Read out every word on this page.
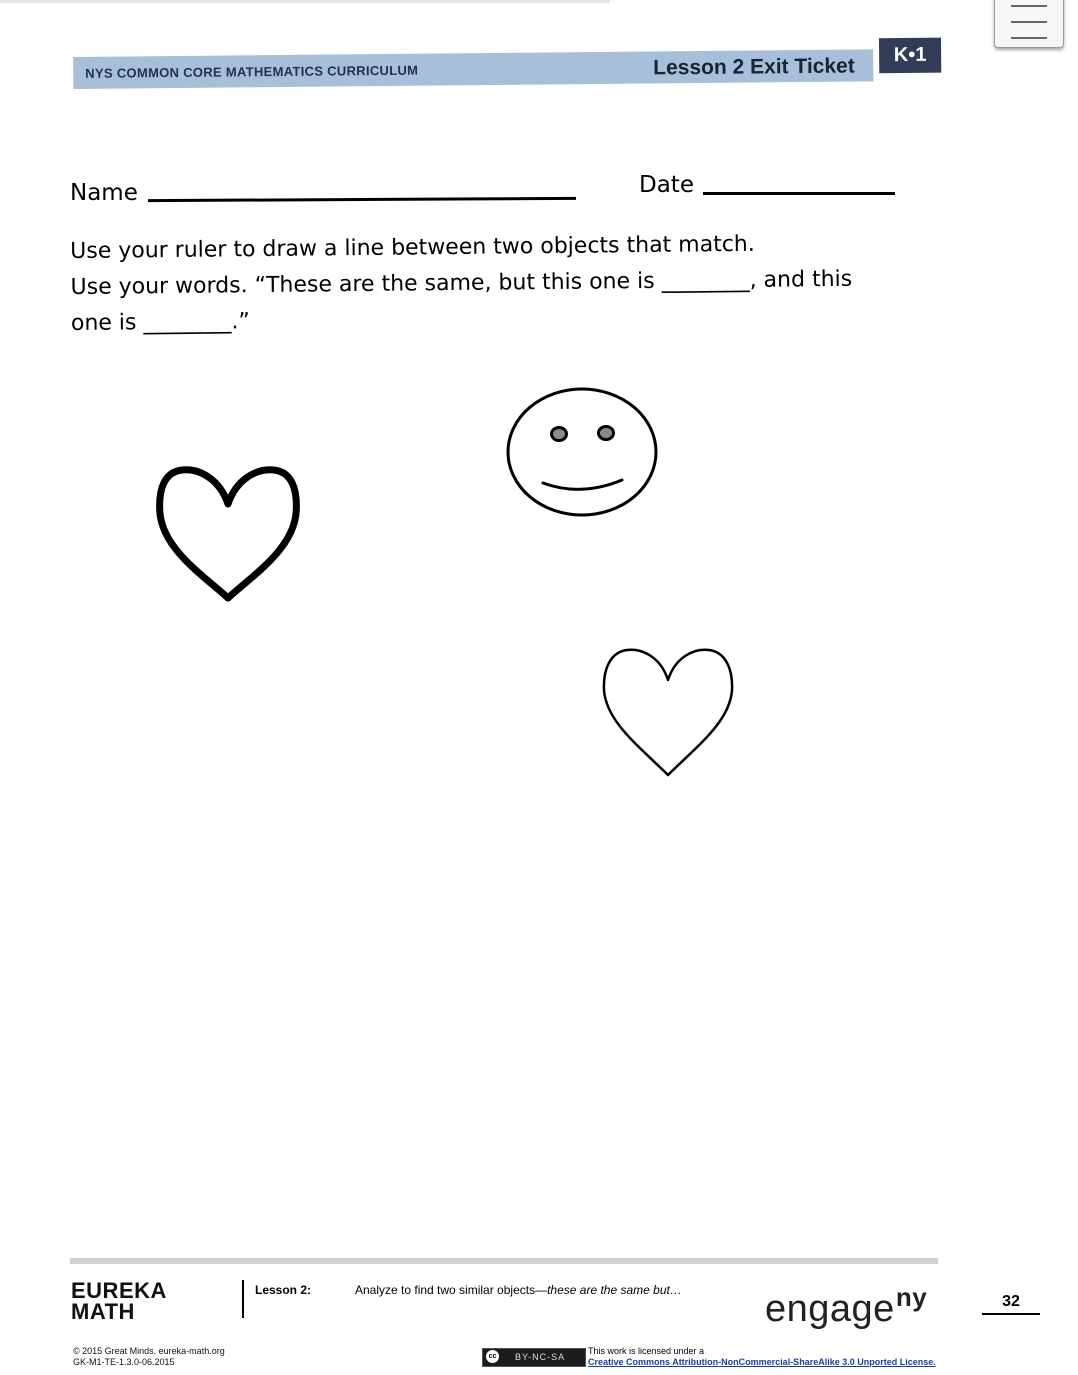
NYS COMMON CORE MATHEMATICS CURRICULUM	Lesson 2 Exit Ticket	K•1
Name	Date
Use your ruler to draw a line between two objects that match.
Use your words. “These are the same, but this one is ________, and this
one is ________.”
EUREKA
MATH
Lesson 2:	Analyze to find two similar objects—these are the same but… engage$^{ny}$	32
© 2015 Great Minds. eureka-math.org
GK-M1-TE-1.3.0-06.2015
cc BY-NC-SA
This work is licensed under a
Creative Commons Attribution-NonCommercial-ShareAlike 3.0 Unported License.
